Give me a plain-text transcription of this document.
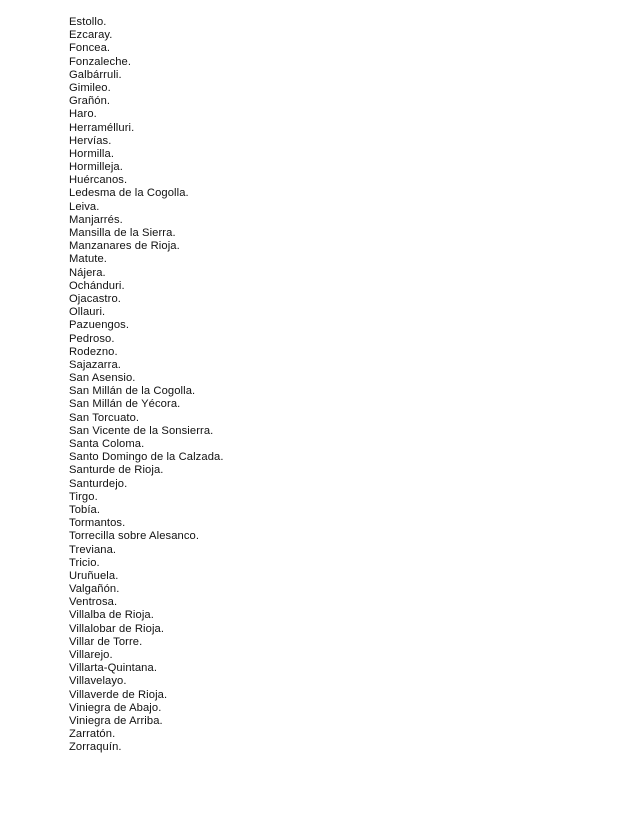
Estollo.
Ezcaray.
Foncea.
Fonzaleche.
Galbárruli.
Gimileo.
Grañón.
Haro.
Herramélluri.
Hervías.
Hormilla.
Hormilleja.
Huércanos.
Ledesma de la Cogolla.
Leiva.
Manjarrés.
Mansilla de la Sierra.
Manzanares de Rioja.
Matute.
Nájera.
Ochánduri.
Ojacastro.
Ollauri.
Pazuengos.
Pedroso.
Rodezno.
Sajazarra.
San Asensio.
San Millán de la Cogolla.
San Millán de Yécora.
San Torcuato.
San Vicente de la Sonsierra.
Santa Coloma.
Santo Domingo de la Calzada.
Santurde de Rioja.
Santurdejo.
Tirgo.
Tobía.
Tormantos.
Torrecilla sobre Alesanco.
Treviana.
Tricio.
Uruñuela.
Valgañón.
Ventrosa.
Villalba de Rioja.
Villalobar de Rioja.
Villar de Torre.
Villarejo.
Villarta-Quintana.
Villavelayo.
Villaverde de Rioja.
Viniegra de Abajo.
Viniegra de Arriba.
Zarratón.
Zorraquín.
